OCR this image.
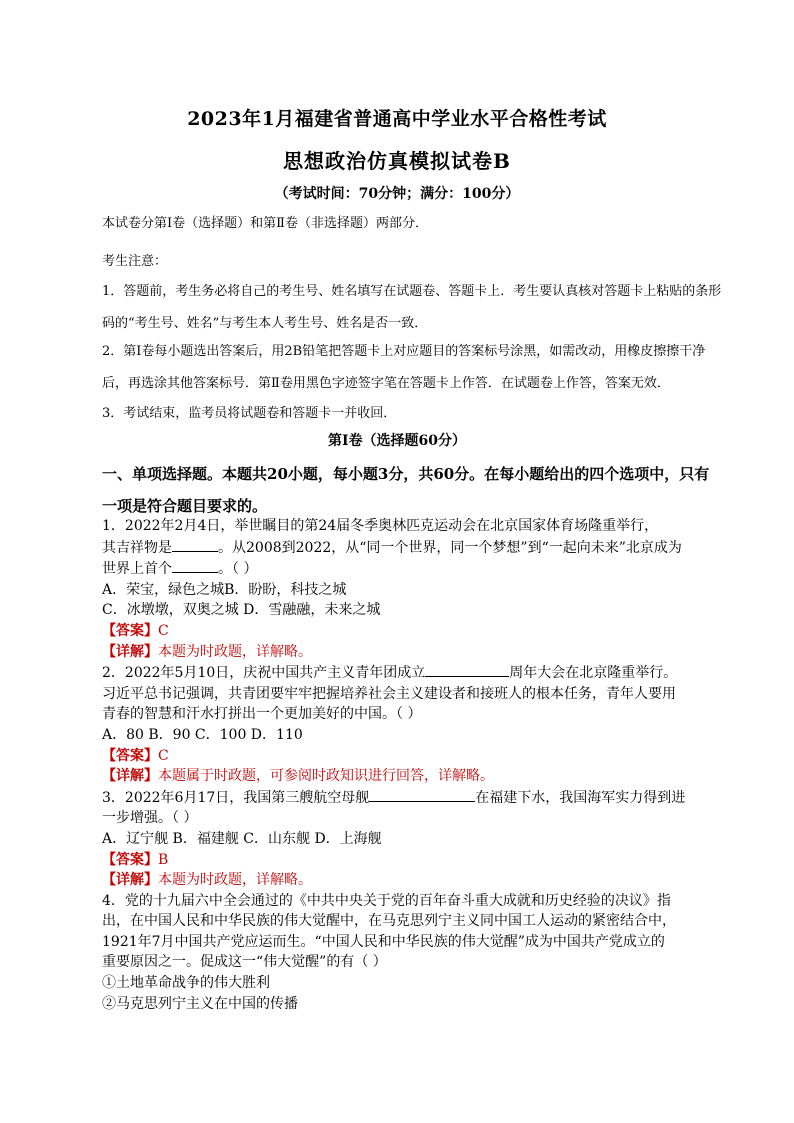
2023年1月福建省普通高中学业水平合格性考试
思想政治仿真模拟试卷B
（考试时间：70分钟；满分：100分）
本试卷分第Ⅰ卷（选择题）和第Ⅱ卷（非选择题）两部分．
考生注意：
1．答题前，考生务必将自己的考生号、姓名填写在试题卷、答题卡上．考生要认真核对答题卡上粘贴的条形码的“考生号、姓名”与考生本人考生号、姓名是否一致．
2．第Ⅰ卷每小题选出答案后，用2B铅笔把答题卡上对应题目的答案标号涂黑，如需改动，用橡皮擦擦干净后，再选涂其他答案标号．第Ⅱ卷用黑色字迹签字笔在答题卡上作答．在试题卷上作答，答案无效．
3．考试结束，监考员将试题卷和答题卡一并收回．
第Ⅰ卷（选择题60分）
一、单项选择题。本题共20小题，每小题3分，共60分。在每小题给出的四个选项中，只有一项是符合题目要求的。
1．2022年2月4日，举世瞩目的第24届冬季奥林匹克运动会在北京国家体育场隆重举行，
其吉祥物是	。从2008到2022，从“同一个世界，同一个梦想”到“一起向未来”北京成为
世界上首个	。（ ）
A．荣宝，绿色之城B．盼盼，科技之城
C．冰墩墩，双奥之城 D．雪融融，未来之城
【答案】C
【详解】本题为时政题，详解略。
2．2022年5月10日，庆祝中国共产主义青年团成立	周年大会在北京隆重举行。
习近平总书记强调，共青团要牢牢把握培养社会主义建设者和接班人的根本任务，青年人要用
青春的智慧和汗水打拼出一个更加美好的中国。（ ）
A．80 B．90 C．100 D．110
【答案】C
【详解】本题属于时政题，可参阅时政知识进行回答，详解略。
3．2022年6月17日，我国第三艘航空母舰	在福建下水，我国海军实力得到进
一步增强。（ ）
A．辽宁舰 B．福建舰 C．山东舰 D．上海舰
【答案】B
【详解】本题为时政题，详解略。
4．党的十九届六中全会通过的《中共中央关于党的百年奋斗重大成就和历史经验的决议》指
出，在中国人民和中华民族的伟大觉醒中，在马克思列宁主义同中国工人运动的紧密结合中，
1921年7月中国共产党应运而生。“中国人民和中华民族的伟大觉醒”成为中国共产党成立的
重要原因之一。促成这一“伟大觉醒”的有（ ）
①土地革命战争的伟大胜利
②马克思列宁主义在中国的传播
